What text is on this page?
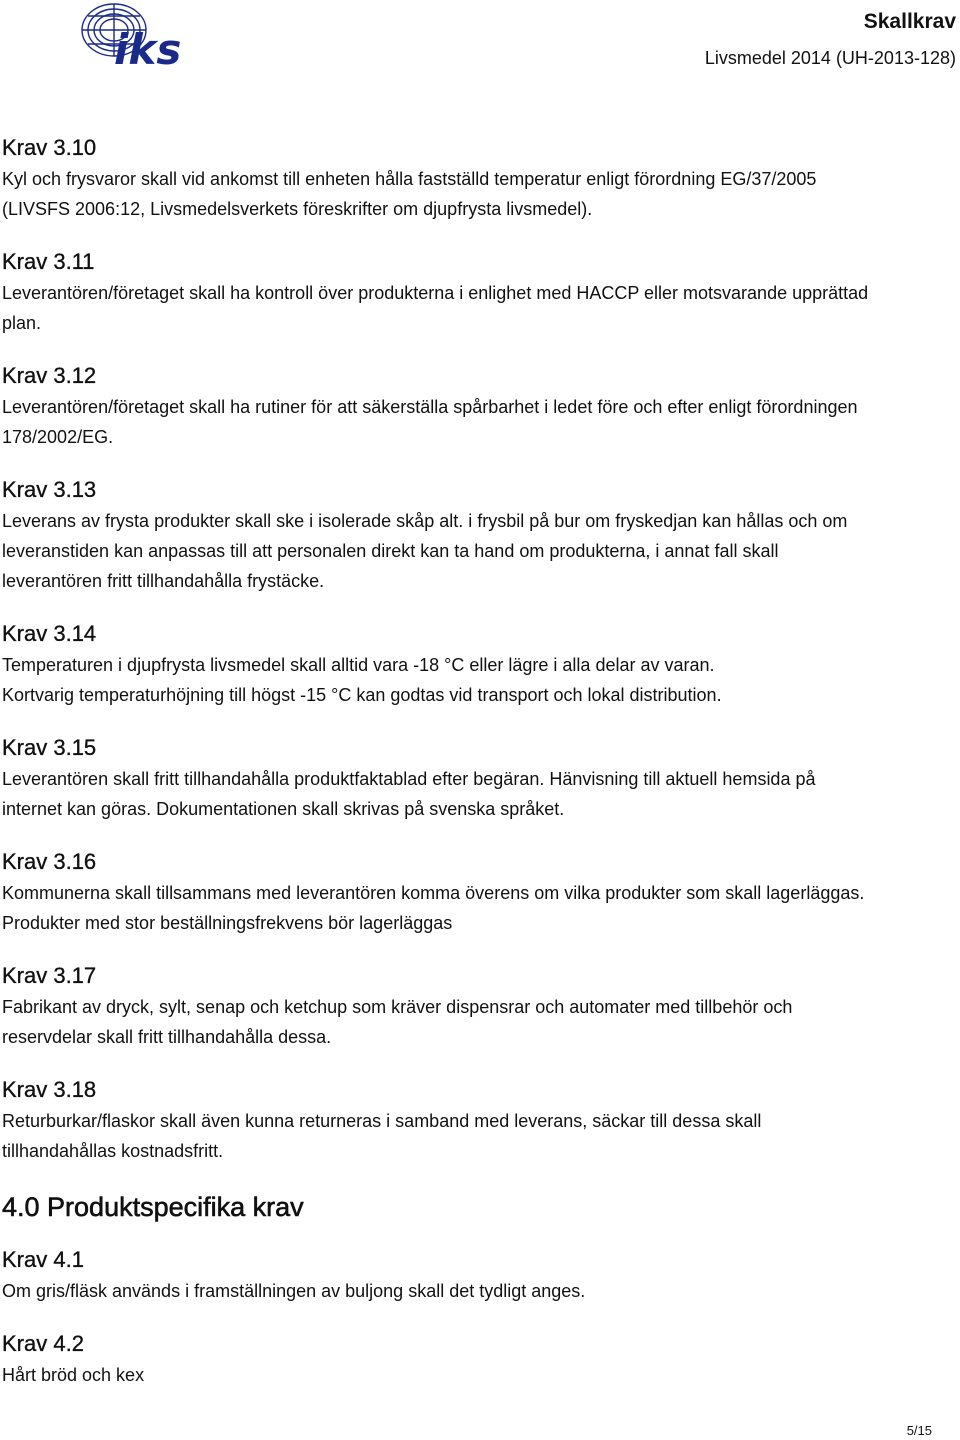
iks
Skallkrav
Livsmedel 2014 (UH-2013-128)
Krav 3.10
Kyl och frysvaror skall vid ankomst till enheten hålla fastställd temperatur enligt förordning EG/37/2005
(LIVSFS 2006:12, Livsmedelsverkets föreskrifter om djupfrysta livsmedel).
Krav 3.11
Leverantören/företaget skall ha kontroll över produkterna i enlighet med HACCP eller motsvarande upprättad
plan.
Krav 3.12
Leverantören/företaget skall ha rutiner för att säkerställa spårbarhet i ledet före och efter enligt förordningen
178/2002/EG.
Krav 3.13
Leverans av frysta produkter skall ske i isolerade skåp alt. i frysbil på bur om fryskedjan kan hållas och om
leveranstiden kan anpassas till att personalen direkt kan ta hand om produkterna, i annat fall skall
leverantören fritt tillhandahålla frystäcke.
Krav 3.14
Temperaturen i djupfrysta livsmedel skall alltid vara -18 °C eller lägre i alla delar av varan.
Kortvarig temperaturhöjning till högst -15 °C kan godtas vid transport och lokal distribution.
Krav 3.15
Leverantören skall fritt tillhandahålla produktfaktablad efter begäran. Hänvisning till aktuell hemsida på
internet kan göras. Dokumentationen skall skrivas på svenska språket.
Krav 3.16
Kommunerna skall tillsammans med leverantören komma överens om vilka produkter som skall lagerläggas.
Produkter med stor beställningsfrekvens bör lagerläggas
Krav 3.17
Fabrikant av dryck, sylt, senap och ketchup som kräver dispensrar och automater med tillbehör och
reservdelar skall fritt tillhandahålla dessa.
Krav 3.18
Returburkar/flaskor skall även kunna returneras i samband med leverans, säckar till dessa skall
tillhandahållas kostnadsfritt.
4.0 Produktspecifika krav
Krav 4.1
Om gris/fläsk används i framställningen av buljong skall det tydligt anges.
Krav 4.2
Hårt bröd och kex
5/15
